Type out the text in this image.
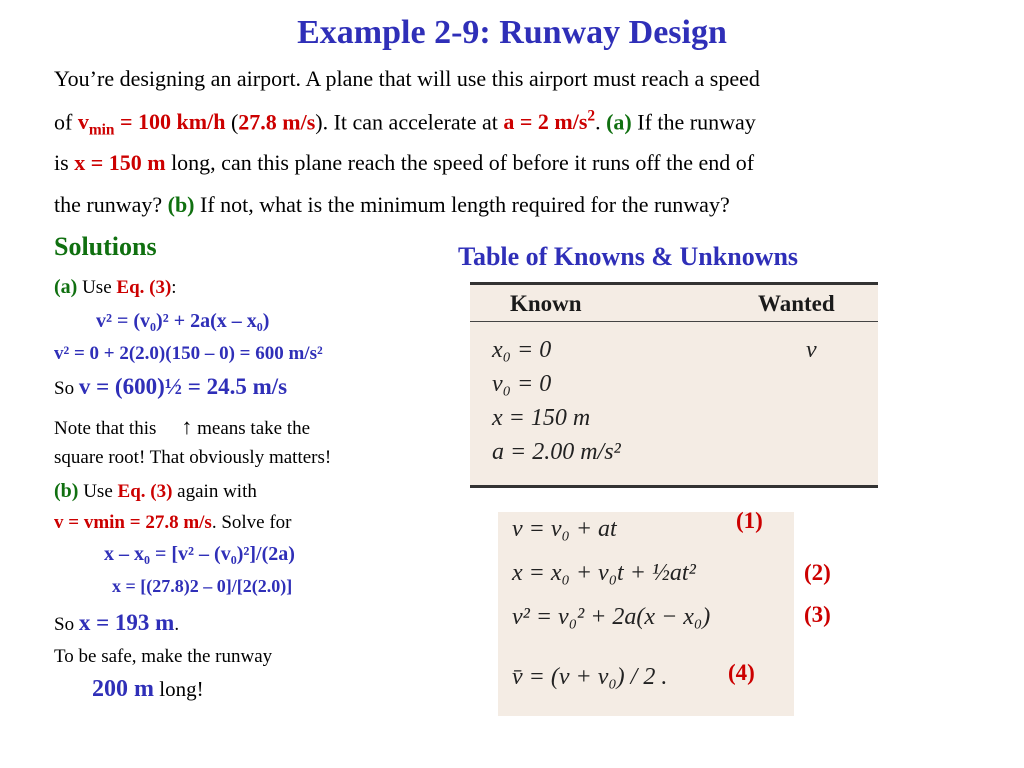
Example 2-9: Runway Design
You’re designing an airport. A plane that will use this airport must reach a speed
of $v_{min} = 100$ km/h (27.8 m/s). It can accelerate at a = 2 $m/s^2$. (a) If the runway
is x = 150 m long, can this plane reach the speed of before it runs off the end of
the runway? (b) If not, what is the minimum length required for the runway?
Solutions	Table of Knowns & Unknowns
(a) Use Eq. (3):
v² = (v₀)² + 2a(x – x₀)
v² = 0 + 2(2.0)(150 – 0) = 600 m/s²
So v = (600)½ = 24.5 m/s
Note that this ↑ means take the
square root! That obviously matters!
(b) Use Eq. (3) again with
v = vmin = 27.8 m/s. Solve for
x – x₀ = [v² – (v₀)²]/(2a)
x = [(27.8)2 – 0]/[2(2.0)]
So x = 193 m.
To be safe, make the runway
200 m long!
Known	Wanted
x₀ = 0
v₀ = 0
x = 150 m
a = 2.00 m/s²
v
v = v₀ + at
x = x₀ + v₀t + ½at²
v² = v₀² + 2a(x − x₀)
v̄ = (v + v₀) / 2 .
(1)
(2)
(3)
(4)
